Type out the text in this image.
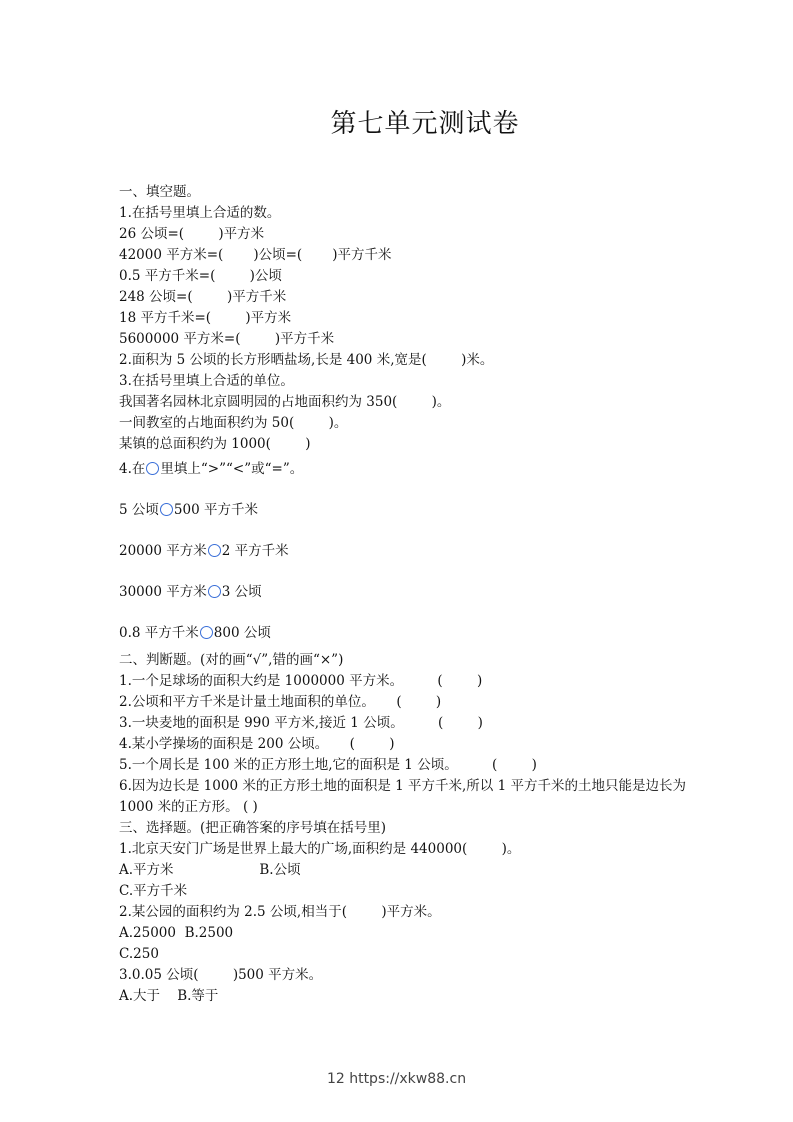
第七单元测试卷
一、填空题。
1.在括号里填上合适的数。
26 公顷=(        )平方米
42000 平方米=(       )公顷=(       )平方千米
0.5 平方千米=(        )公顷
248 公顷=(        )平方千米
18 平方千米=(        )平方米
5600000 平方米=(        )平方千米
2.面积为 5 公顷的长方形晒盐场,长是 400 米,宽是(        )米。
3.在括号里填上合适的单位。
我国著名园林北京圆明园的占地面积约为 350(        )。
一间教室的占地面积约为 50(        )。
某镇的总面积约为 1000(        )
4.在 里填上“>”“<”或“=”。
5 公顷 500 平方千米
20000 平方米 2 平方千米
30000 平方米 3 公顷
0.8 平方千米 800 公顷
二、判断题。(对的画“√”,错的画“×”)
1.一个足球场的面积大约是 1000000 平方米。        (        )
2.公顷和平方千米是计量土地面积的单位。     (        )
3.一块麦地的面积是 990 平方米,接近 1 公顷。        (        )
4.某小学操场的面积是 200 公顷。     (        )
5.一个周长是 100 米的正方形土地,它的面积是 1 公顷。        (        )
6.因为边长是 1000 米的正方形土地的面积是 1 平方千米,所以 1 平方千米的土地只能是边长为 1000 米的正方形。 ( )
三、选择题。(把正确答案的序号填在括号里)
1.北京天安门广场是世界上最大的广场,面积约是 440000(        )。
A.平方米                    B.公顷
C.平方千米
2.某公园的面积约为 2.5 公顷,相当于(        )平方米。
A.25000  B.2500
C.250
3.0.05 公顷(        )500 平方米。
A.大于    B.等于
12 https://xkw88.cn
